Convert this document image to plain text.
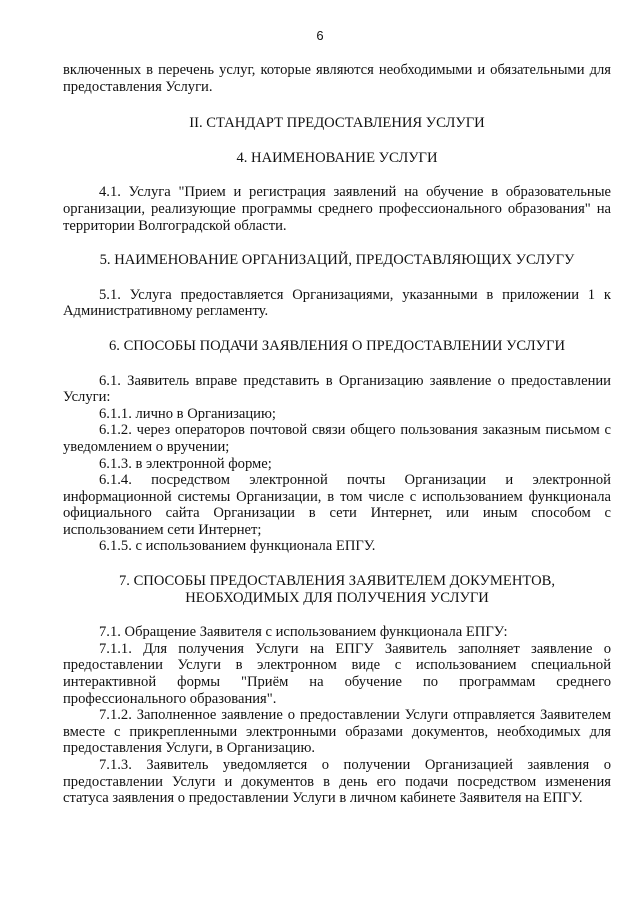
6

включенных в перечень услуг, которые являются необходимыми и обязательными для предоставления Услуги.

II. СТАНДАРТ ПРЕДОСТАВЛЕНИЯ УСЛУГИ
4. НАИМЕНОВАНИЕ УСЛУГИ

4.1. Услуга "Прием и регистрация заявлений на обучение в образовательные организации, реализующие программы среднего профессионального образования" на территории Волгоградской области.

5. НАИМЕНОВАНИЕ ОРГАНИЗАЦИЙ, ПРЕДОСТАВЛЯЮЩИХ УСЛУГУ

5.1. Услуга предоставляется Организациями, указанными в приложении 1 к Административному регламенту.

6. СПОСОБЫ ПОДАЧИ ЗАЯВЛЕНИЯ О ПРЕДОСТАВЛЕНИИ УСЛУГИ

6.1. Заявитель вправе представить в Организацию заявление о предоставлении Услуги:

6.1.1. лично в Организацию;

6.1.2. через операторов почтовой связи общего пользования заказным письмом с уведомлением о вручении;

6.1.3. в электронной форме;

6.1.4. посредством электронной почты Организации и электронной информационной системы Организации, в том числе с использованием функционала официального сайта Организации в сети Интернет, или иным способом с использованием сети Интернет;

6.1.5. с использованием функционала ЕПГУ.

7. СПОСОБЫ ПРЕДОСТАВЛЕНИЯ ЗАЯВИТЕЛЕМ ДОКУМЕНТОВ,
НЕОБХОДИМЫХ ДЛЯ ПОЛУЧЕНИЯ УСЛУГИ

7.1. Обращение Заявителя с использованием функционала ЕПГУ:

7.1.1. Для получения Услуги на ЕПГУ Заявитель заполняет заявление о предоставлении Услуги в электронном виде с использованием специальной интерактивной формы "Приём на обучение по программам среднего профессионального образования".

7.1.2. Заполненное заявление о предоставлении Услуги отправляется Заявителем вместе с прикрепленными электронными образами документов, необходимых для предоставления Услуги, в Организацию.

7.1.3. Заявитель уведомляется о получении Организацией заявления о предоставлении Услуги и документов в день его подачи посредством изменения статуса заявления о предоставлении Услуги в личном кабинете Заявителя на ЕПГУ.
